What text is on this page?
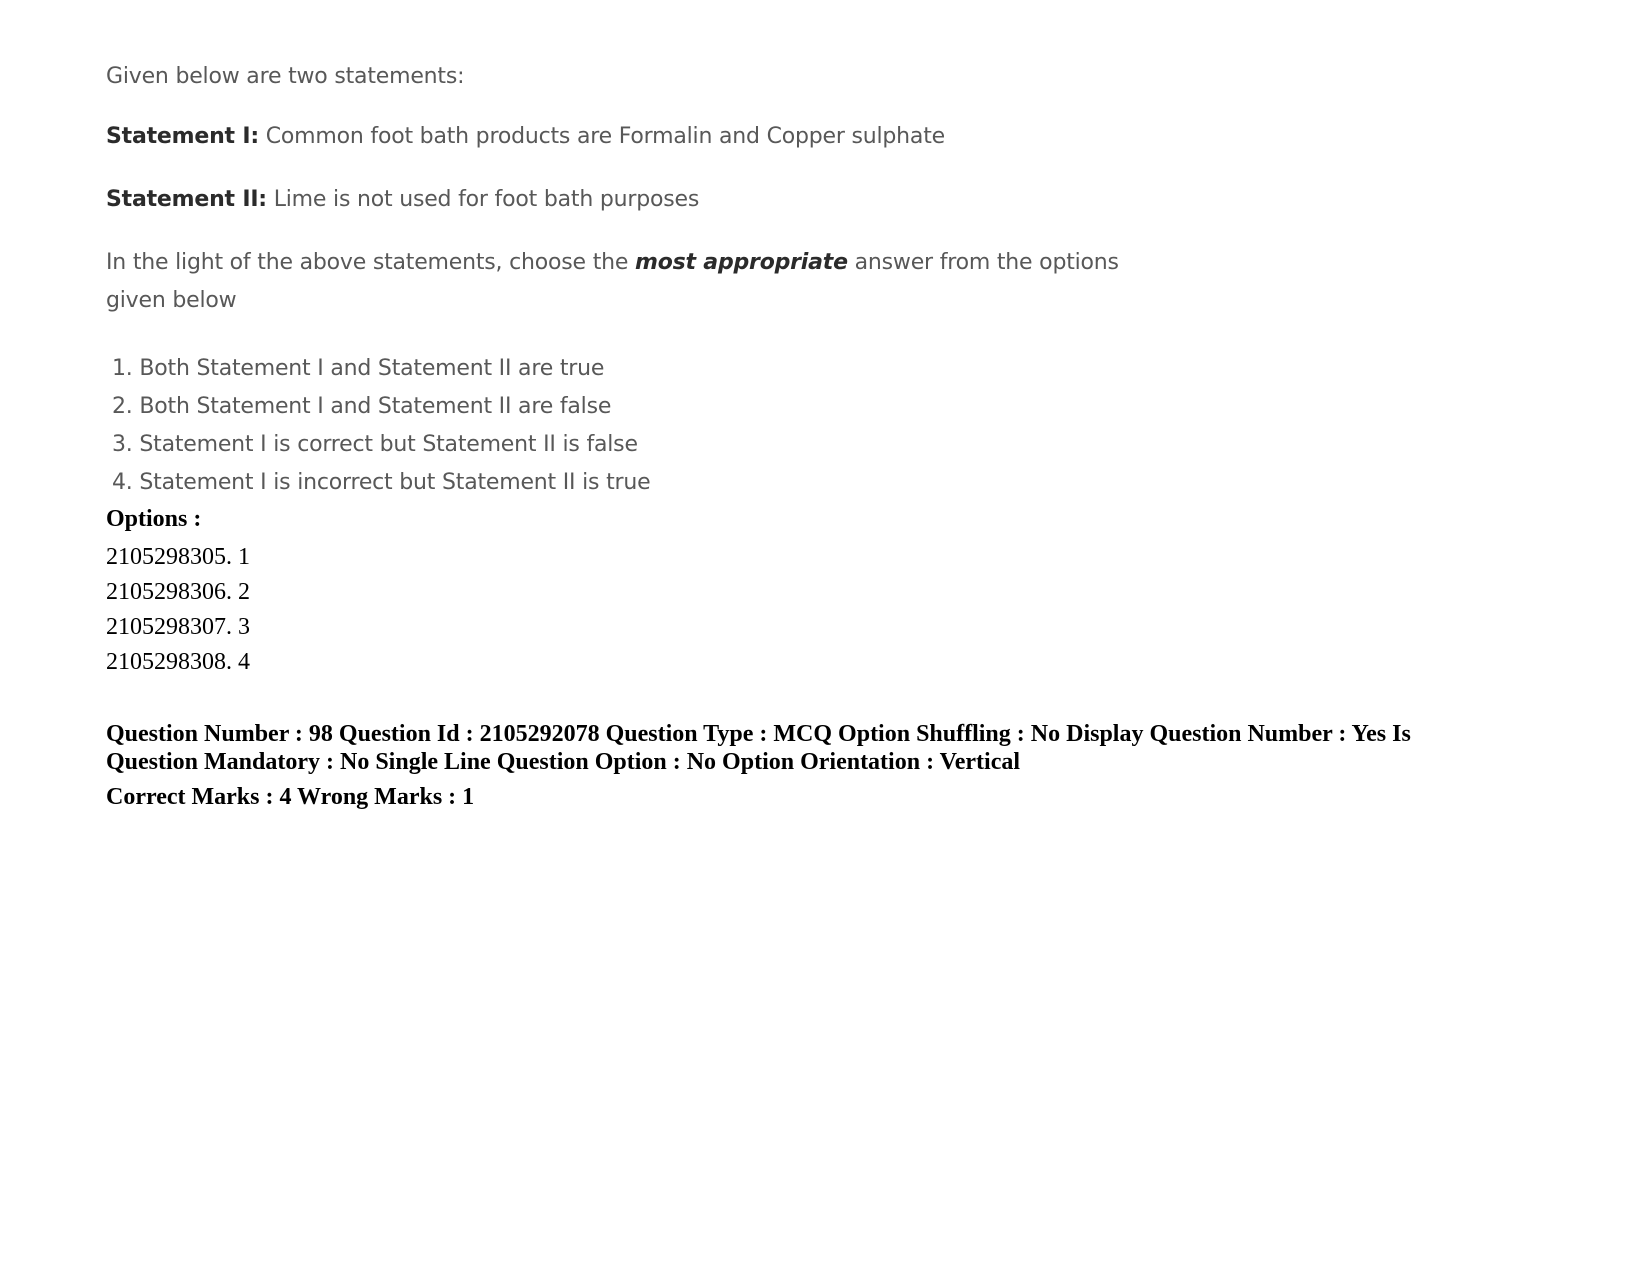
Given below are two statements:
Statement I: Common foot bath products are Formalin and Copper sulphate
Statement II: Lime is not used for foot bath purposes
In the light of the above statements, choose the most appropriate answer from the options
given below
1. Both Statement I and Statement II are true
2. Both Statement I and Statement II are false
3. Statement I is correct but Statement II is false
4. Statement I is incorrect but Statement II is true
Options :
2105298305. 1
2105298306. 2
2105298307. 3
2105298308. 4
Question Number : 98 Question Id : 2105292078 Question Type : MCQ Option Shuffling : No Display Question Number : Yes Is
Question Mandatory : No Single Line Question Option : No Option Orientation : Vertical
Correct Marks : 4 Wrong Marks : 1
